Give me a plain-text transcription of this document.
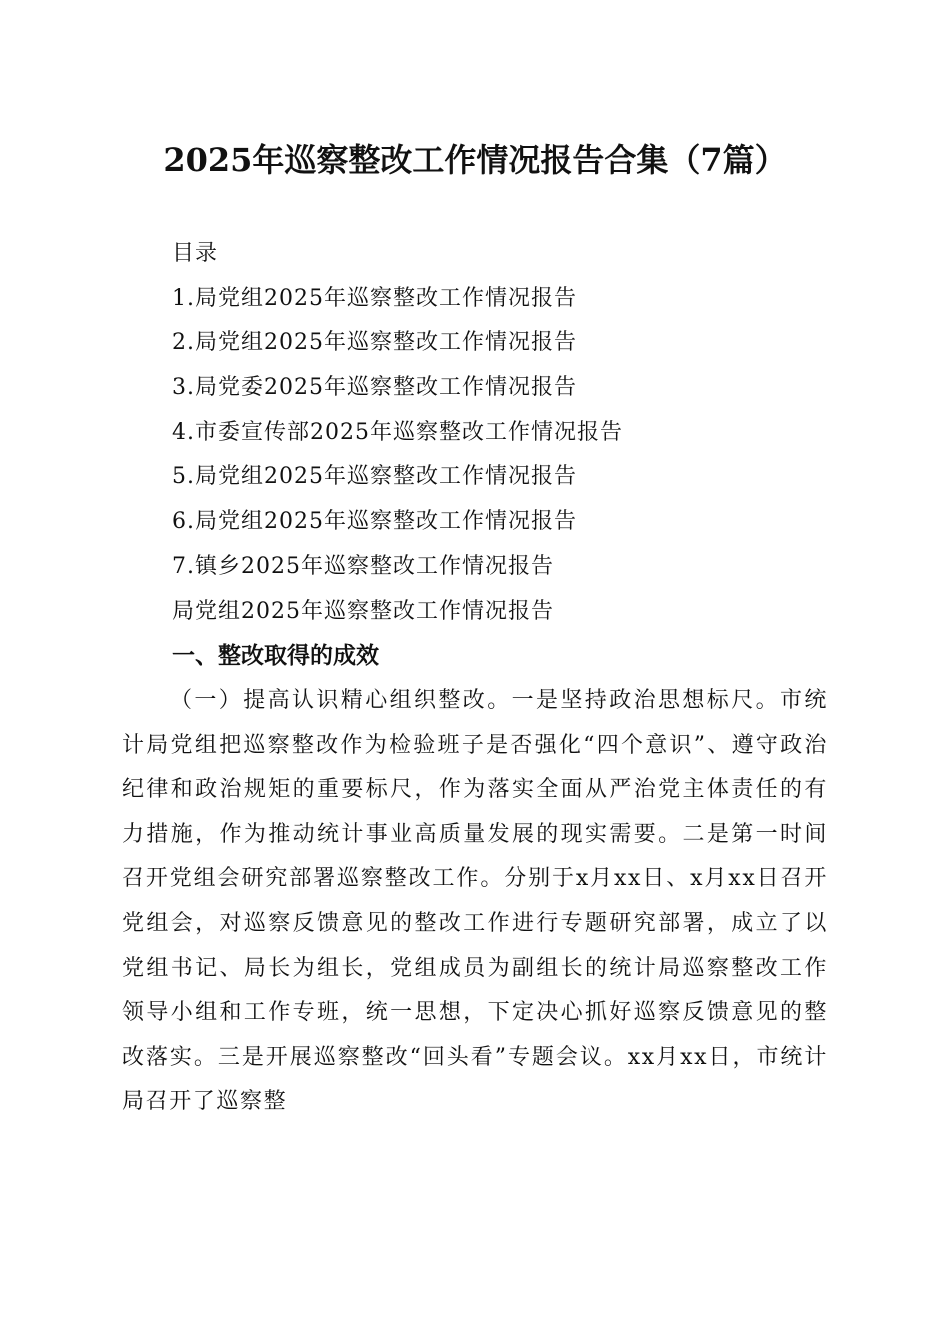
2025年巡察整改工作情况报告合集（7篇）
目录
1.局党组2025年巡察整改工作情况报告
2.局党组2025年巡察整改工作情况报告
3.局党委2025年巡察整改工作情况报告
4.市委宣传部2025年巡察整改工作情况报告
5.局党组2025年巡察整改工作情况报告
6.局党组2025年巡察整改工作情况报告
7.镇乡2025年巡察整改工作情况报告
局党组2025年巡察整改工作情况报告
一、整改取得的成效

（一）提高认识精心组织整改。一是坚持政治思想标尺。市统计局党组把巡察整改作为检验班子是否强化“四个意识”、遵守政治纪律和政治规矩的重要标尺，作为落实全面从严治党主体责任的有力措施，作为推动统计事业高质量发展的现实需要。二是第一时间召开党组会研究部署巡察整改工作。分别于x月xx日、x月xx日召开党组会，对巡察反馈意见的整改工作进行专题研究部署，成立了以党组书记、局长为组长，党组成员为副组长的统计局巡察整改工作领导小组和工作专班，统一思想，下定决心抓好巡察反馈意见的整改落实。三是开展巡察整改“回头看”专题会议。xx月xx日，市统计局召开了巡察整
